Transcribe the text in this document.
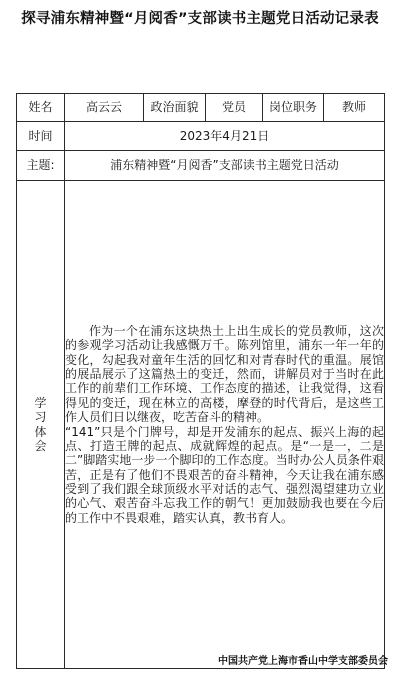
探寻浦东精神暨“月阅香”支部读书主题党日活动记录表
姓名	高云云	政治面貌	党员	岗位职务	教师
时间	2023年4月21日				
主题:	浦东精神暨“月阅香”支部读书主题党日活动				
学习体会	作为一个在浦东这块热土上出生成长的党员教师，这次的参观学习活动让我感慨万千。陈列馆里，浦东一年一年的变化，勾起我对童年生活的回忆和对青春时代的重温。展馆的展品展示了这篇热土的变迁，然而，讲解员对于当时在此工作的前辈们工作环境、工作态度的描述，让我觉得，这看得见的变迁，现在林立的高楼，摩登的时代背后，是这些工作人员们日以继夜，吃苦奋斗的精神。

“141”只是个门牌号，却是开发浦东的起点、振兴上海的起点、打造王牌的起点、成就辉煌的起点。是“一是一，二是二”脚踏实地一步一个脚印的工作态度。当时办公人员条件艰苦，正是有了他们不畏艰苦的奋斗精神，今天让我在浦东感受到了我们跟全球顶级水平对话的志气、强烈渴望建功立业的心气、艰苦奋斗忘我工作的朝气！更加鼓励我也要在今后的工作中不畏艰难，踏实认真，教书育人。				

中国共产党上海市香山中学支部委员会
